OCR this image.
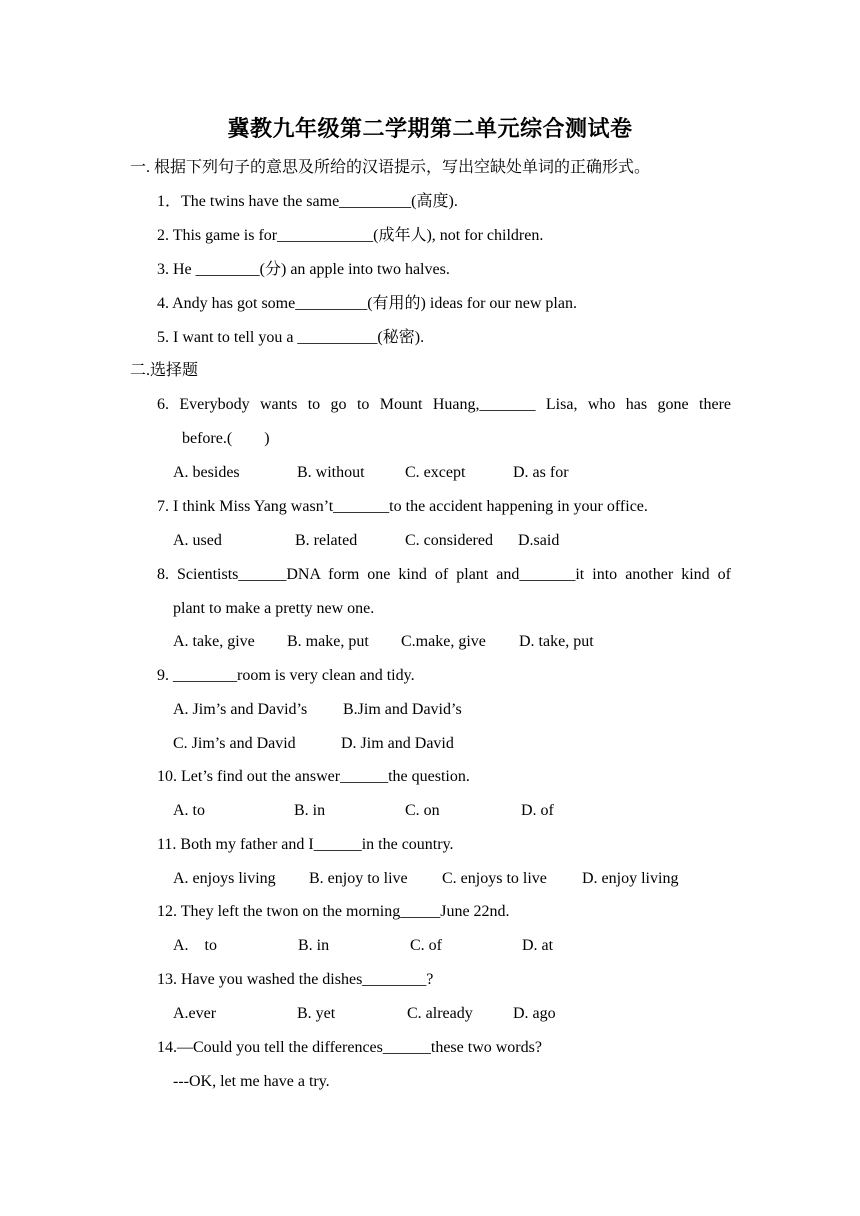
冀教九年级第二学期第二单元综合测试卷
一. 根据下列句子的意思及所给的汉语提示，写出空缺处单词的正确形式。
1．The twins have the same_________(高度).
2. This game is for____________(成年人), not for children.
3. He ________(分) an apple into two halves.
4. Andy has got some_________(有用的) ideas for our new plan.
5. I want to tell you a __________(秘密).
二.选择题
6. Everybody wants to go to Mount Huang,_______ Lisa, who has gone there
before.(　　)
A. besides	B. without	C. except	D. as for
7. I think Miss Yang wasn’t_______to the accident happening in your office.
A. used	B. related	C. considered D.said
8. Scientists______DNA form one kind of plant and_______it into another kind of
plant to make a pretty new one.
A. take, give B. make, put C.make, give D. take, put
9. ________room is very clean and tidy.
A. Jim’s and David’s B.Jim and David’s
C. Jim’s and David	D. Jim and David
10. Let’s find out the answer______the question.
A. to	B. in	C. on	D. of
11. Both my father and I______in the country.
A. enjoys living B. enjoy to live C. enjoys to live D. enjoy living
12. They left the twon on the morning_____June 22nd.
A.　to	B. in	C. of	D. at
13. Have you washed the dishes________?
A.ever	B. yet	C. already	D. ago
14.—Could you tell the differences______these two words?
---OK, let me have a try.
